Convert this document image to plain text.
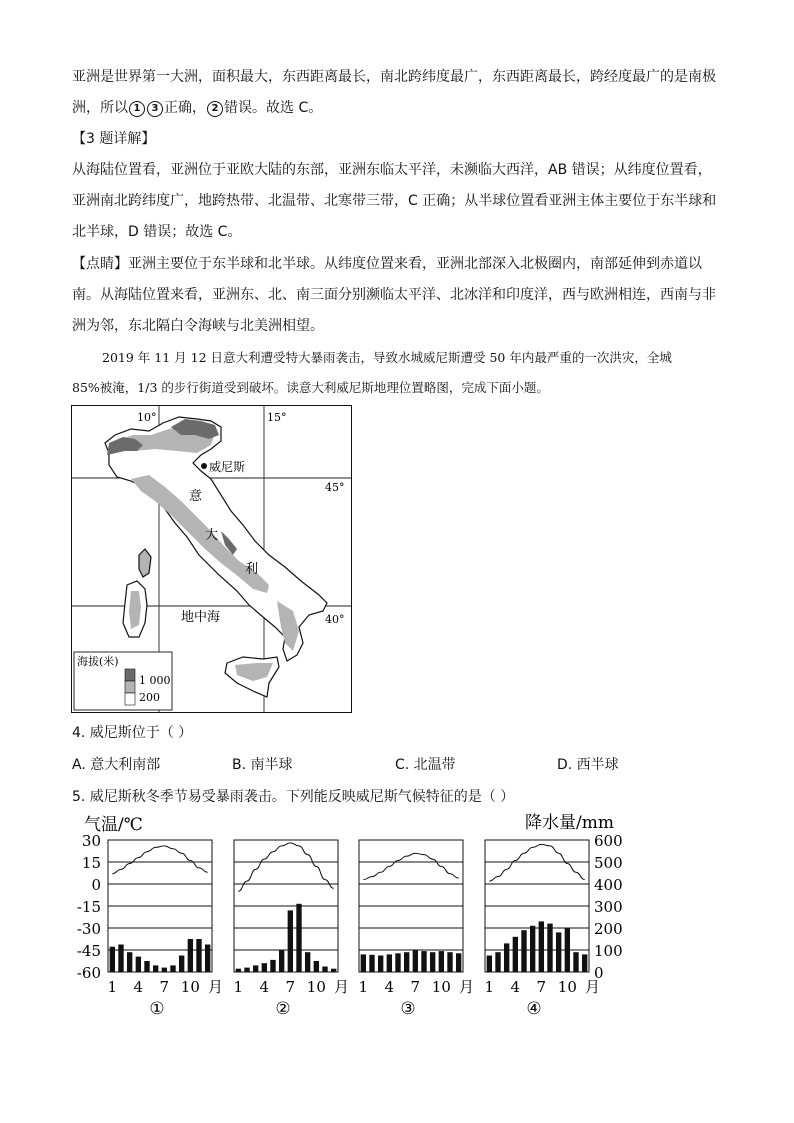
亚洲是世界第一大洲，面积最大，东西距离最长，南北跨纬度最广，东西距离最长，跨经度最广的是南极
洲，所以 1 3 正确， 2 错误。故选 C。
【3 题详解】
从海陆位置看，亚洲位于亚欧大陆的东部，亚洲东临太平洋，未濒临大西洋，AB 错误；从纬度位置看，
亚洲南北跨纬度广，地跨热带、北温带、北寒带三带，C 正确；从半球位置看亚洲主体主要位于东半球和
北半球，D 错误；故选 C。
【点睛】亚洲主要位于东半球和北半球。从纬度位置来看，亚洲北部深入北极圈内，南部延伸到赤道以
南。从海陆位置来看，亚洲东、北、南三面分别濒临太平洋、北冰洋和印度洋，西与欧洲相连，西南与非
洲为邻，东北隔白令海峡与北美洲相望。
2019 年 11 月 12 日意大利遭受特大暴雨袭击，导致水城威尼斯遭受 50 年内最严重的一次洪灾，全城
85%被淹，1/3 的步行街道受到破坏。读意大利威尼斯地理位置略图，完成下面小题。
威尼斯
10°	15°
45°
40°
意
大
利
地中海
海拔(米)
1 000
200
4. 威尼斯位于（ ）
A. 意大利南部	B. 南半球	C. 北温带	D. 西半球
5. 威尼斯秋冬季节易受暴雨袭击。下列能反映威尼斯气候特征的是（ ）
气温/℃	降水量/mm
30
15
0
-15
-30
-45
-60
600
500
400
300
200
100
0
1 4 7 10 月
①
1 4 7 10 月
②
1 4 7 10 月
③
1 4 7 10 月
④
